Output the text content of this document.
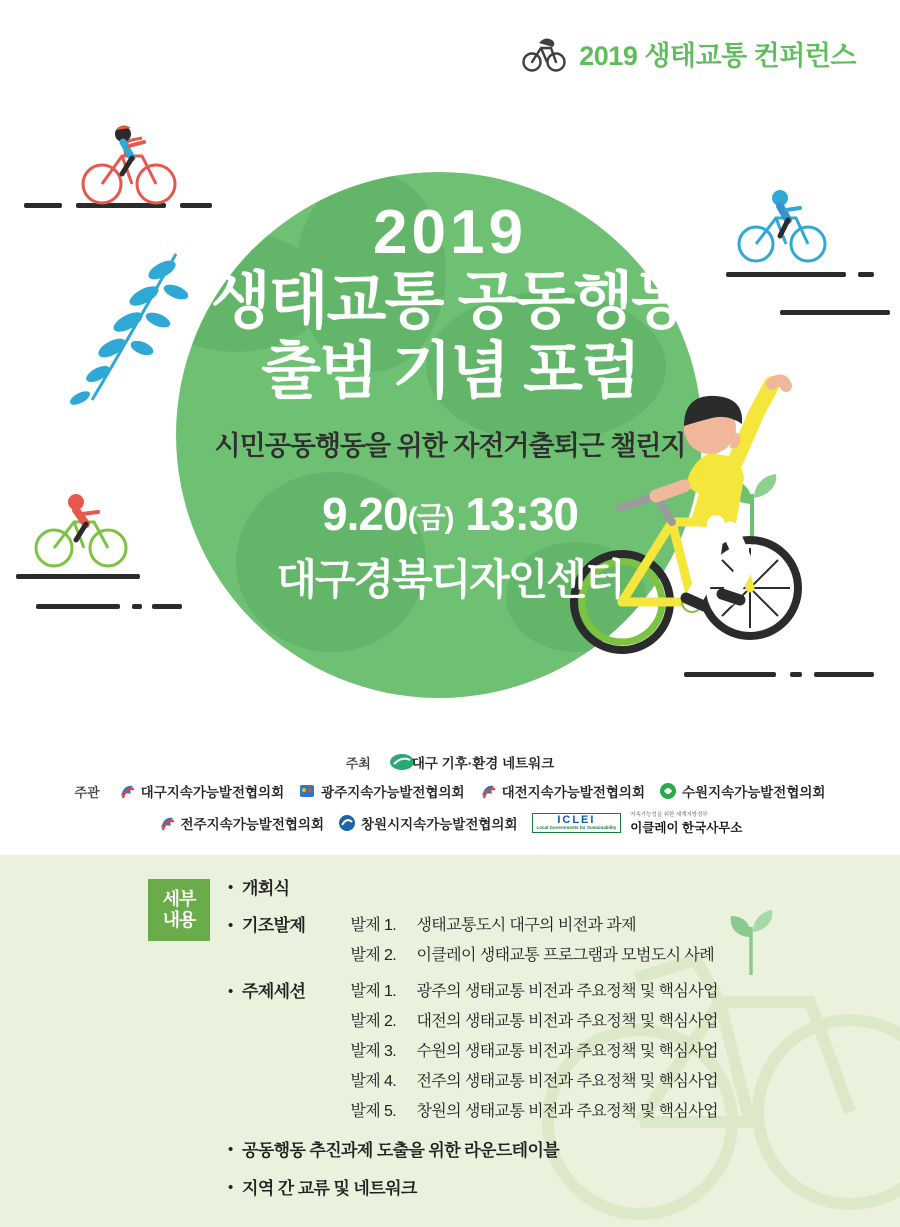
2019 생태교통 컨퍼런스
2019
생태교통 공동행동
출범 기념 포럼
시민공동행동을 위한 자전거출퇴근 챌린지
9.20(금) 13:30
대구경북디자인센터
주최	대구 기후·환경 네트워크
주관	대구지속가능발전협의회	광주지속가능발전협의회	대전지속가능발전협의회	수원지속가능발전협의회
전주지속가능발전협의회	창원시지속가능발전협의회	ICLEI
Local Governments for Sustainability
지속가능성을 위한 세계지방정부
이클레이 한국사무소
세부
내용
• 개회식
• 기조발제	발제 1. 생태교통도시 대구의 비전과 과제
발제 2. 이클레이 생태교통 프로그램과 모범도시 사례
• 주제세션	발제 1. 광주의 생태교통 비전과 주요정책 및 핵심사업
발제 2. 대전의 생태교통 비전과 주요정책 및 핵심사업
발제 3. 수원의 생태교통 비전과 주요정책 및 핵심사업
발제 4. 전주의 생태교통 비전과 주요정책 및 핵심사업
발제 5. 창원의 생태교통 비전과 주요정책 및 핵심사업
• 공동행동 추진과제 도출을 위한 라운드테이블
• 지역 간 교류 및 네트워크
